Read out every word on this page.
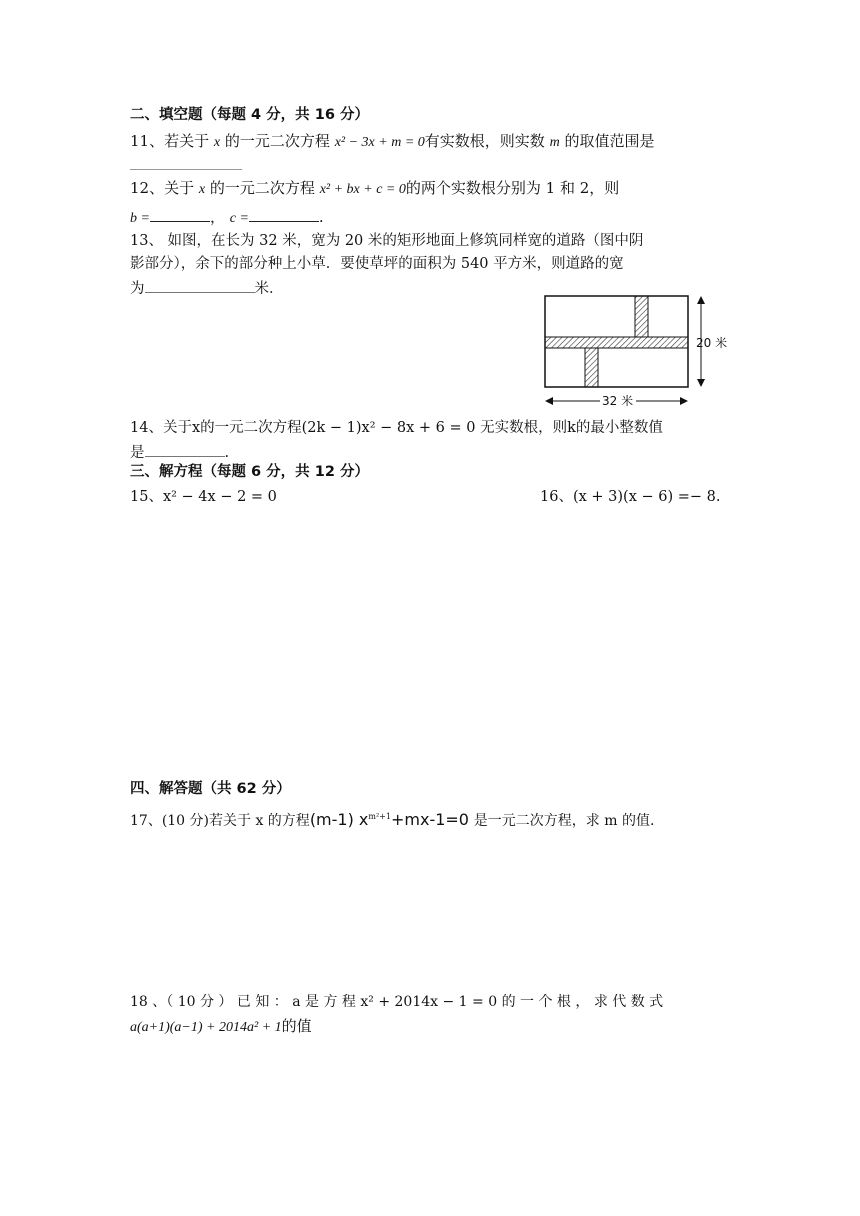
二、填空题（每题 4 分，共 16 分）
11、若关于 x 的一元二次方程 x² − 3x + m = 0有实数根，则实数 m 的取值范围是
12、关于 x 的一元二次方程 x² + bx + c = 0的两个实数根分别为 1 和 2，则
b =	， c =	.
13、 如图，在长为 32 米，宽为 20 米的矩形地面上修筑同样宽的道路（图中阴
影部分），余下的部分种上小草．要使草坪的面积为 540 平方米，则道路的宽
为	米．
32 米
20 米
14、关于x的一元二次方程(2k − 1)x² − 8x + 6 = 0 无实数根，则k的最小整数值
是	.
三、解方程（每题 6 分，共 12 分）
15、x² − 4x − 2 = 0	16、(x + 3)(x − 6) =− 8.
四、解答题（共 62 分）
17、(10 分)若关于 x 的方程(m-1) $x^{m^2+1}+mx-1=0$ 是一元二次方程，求 m 的值.
18 、（ 10 分 ） 已 知 ： a 是 方 程 x² + 2014x − 1 = 0 的 一 个 根 ， 求 代 数 式
a(a+1)(a−1) + 2014a² + 1的值
